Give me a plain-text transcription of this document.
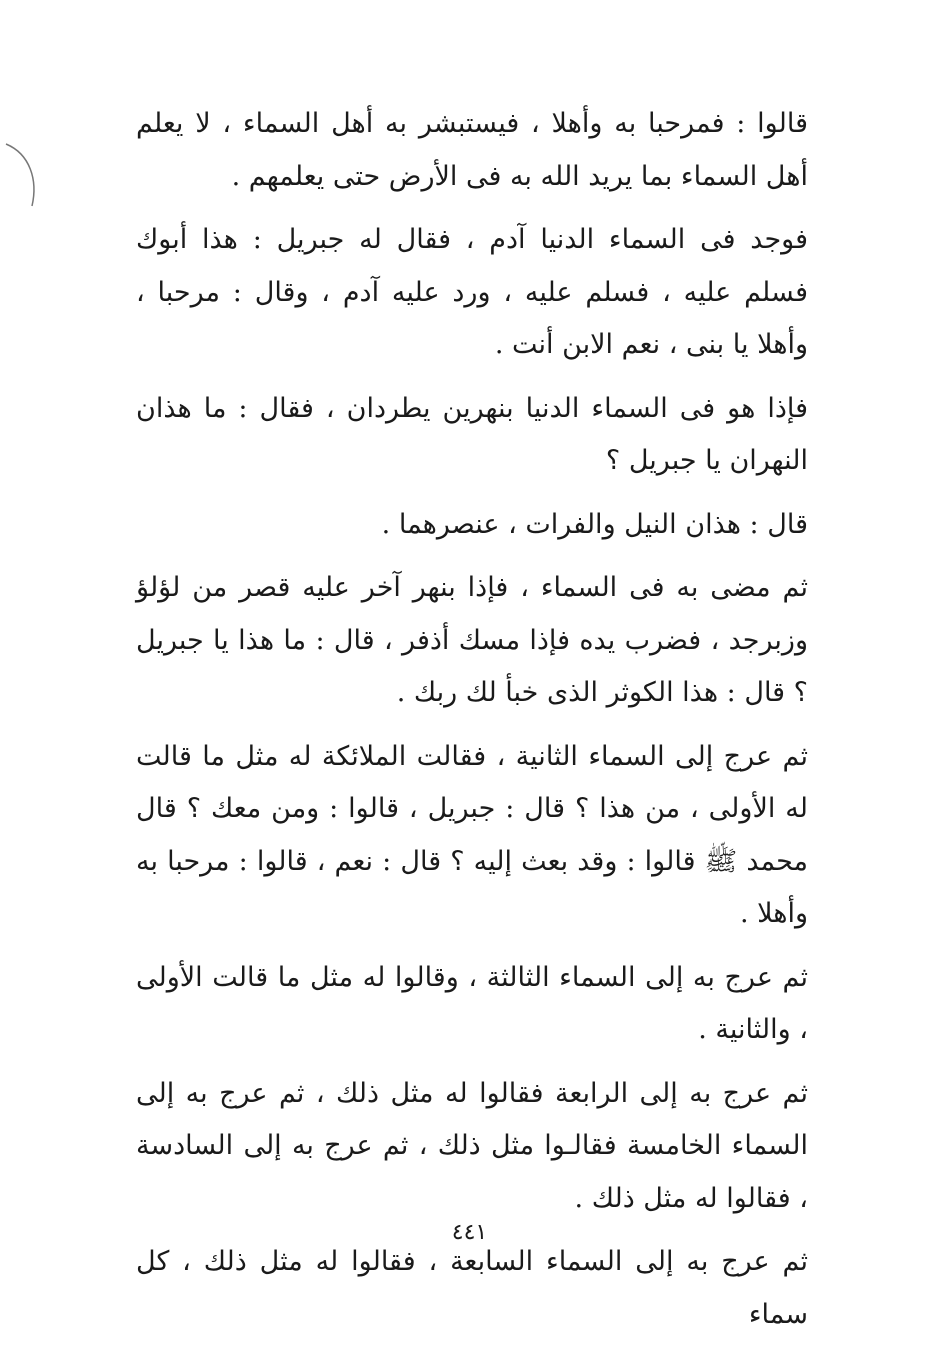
قالوا : فمرحبا به وأهلا ، فيستبشر به أهل السماء ، لا يعلم أهل السماء بما يريد الله به فى الأرض حتى يعلمهم .

فوجد فى السماء الدنيا آدم ، فقال له جبريل : هذا أبوك فسلم عليه ، فسلم عليه ، ورد عليه آدم ، وقال : مرحبا ، وأهلا يا بنى ، نعم الابن أنت .

فإذا هو فى السماء الدنيا بنهرين يطردان ، فقال : ما هذان النهران يا جبريل ؟

قال : هذان النيل والفرات ، عنصرهما .

ثم مضى به فى السماء ، فإذا بنهر آخر عليه قصر من لؤلؤ وزبرجد ، فضرب يده فإذا مسك أذفر ، قال : ما هذا يا جبريل ؟ قال : هذا الكوثر الذى خبأ لك ربك .

ثم عرج إلى السماء الثانية ، فقالت الملائكة له مثل ما قالت له الأولى ، من هذا ؟ قال : جبريل ، قالوا : ومن معك ؟ قال محمد ﷺ قالوا : وقد بعث إليه ؟ قال : نعم ، قالوا : مرحبا به وأهلا .

ثم عرج به إلى السماء الثالثة ، وقالوا له مثل ما قالت الأولى ، والثانية .

ثم عرج به إلى الرابعة فقالوا له مثل ذلك ، ثم عرج به إلى السماء الخامسة فقالـوا مثل ذلك ، ثم عرج به إلى السادسة ، فقالوا له مثل ذلك .

ثم عرج به إلى السماء السابعة ، فقالوا له مثل ذلك ، كل سماء

٤٤١
